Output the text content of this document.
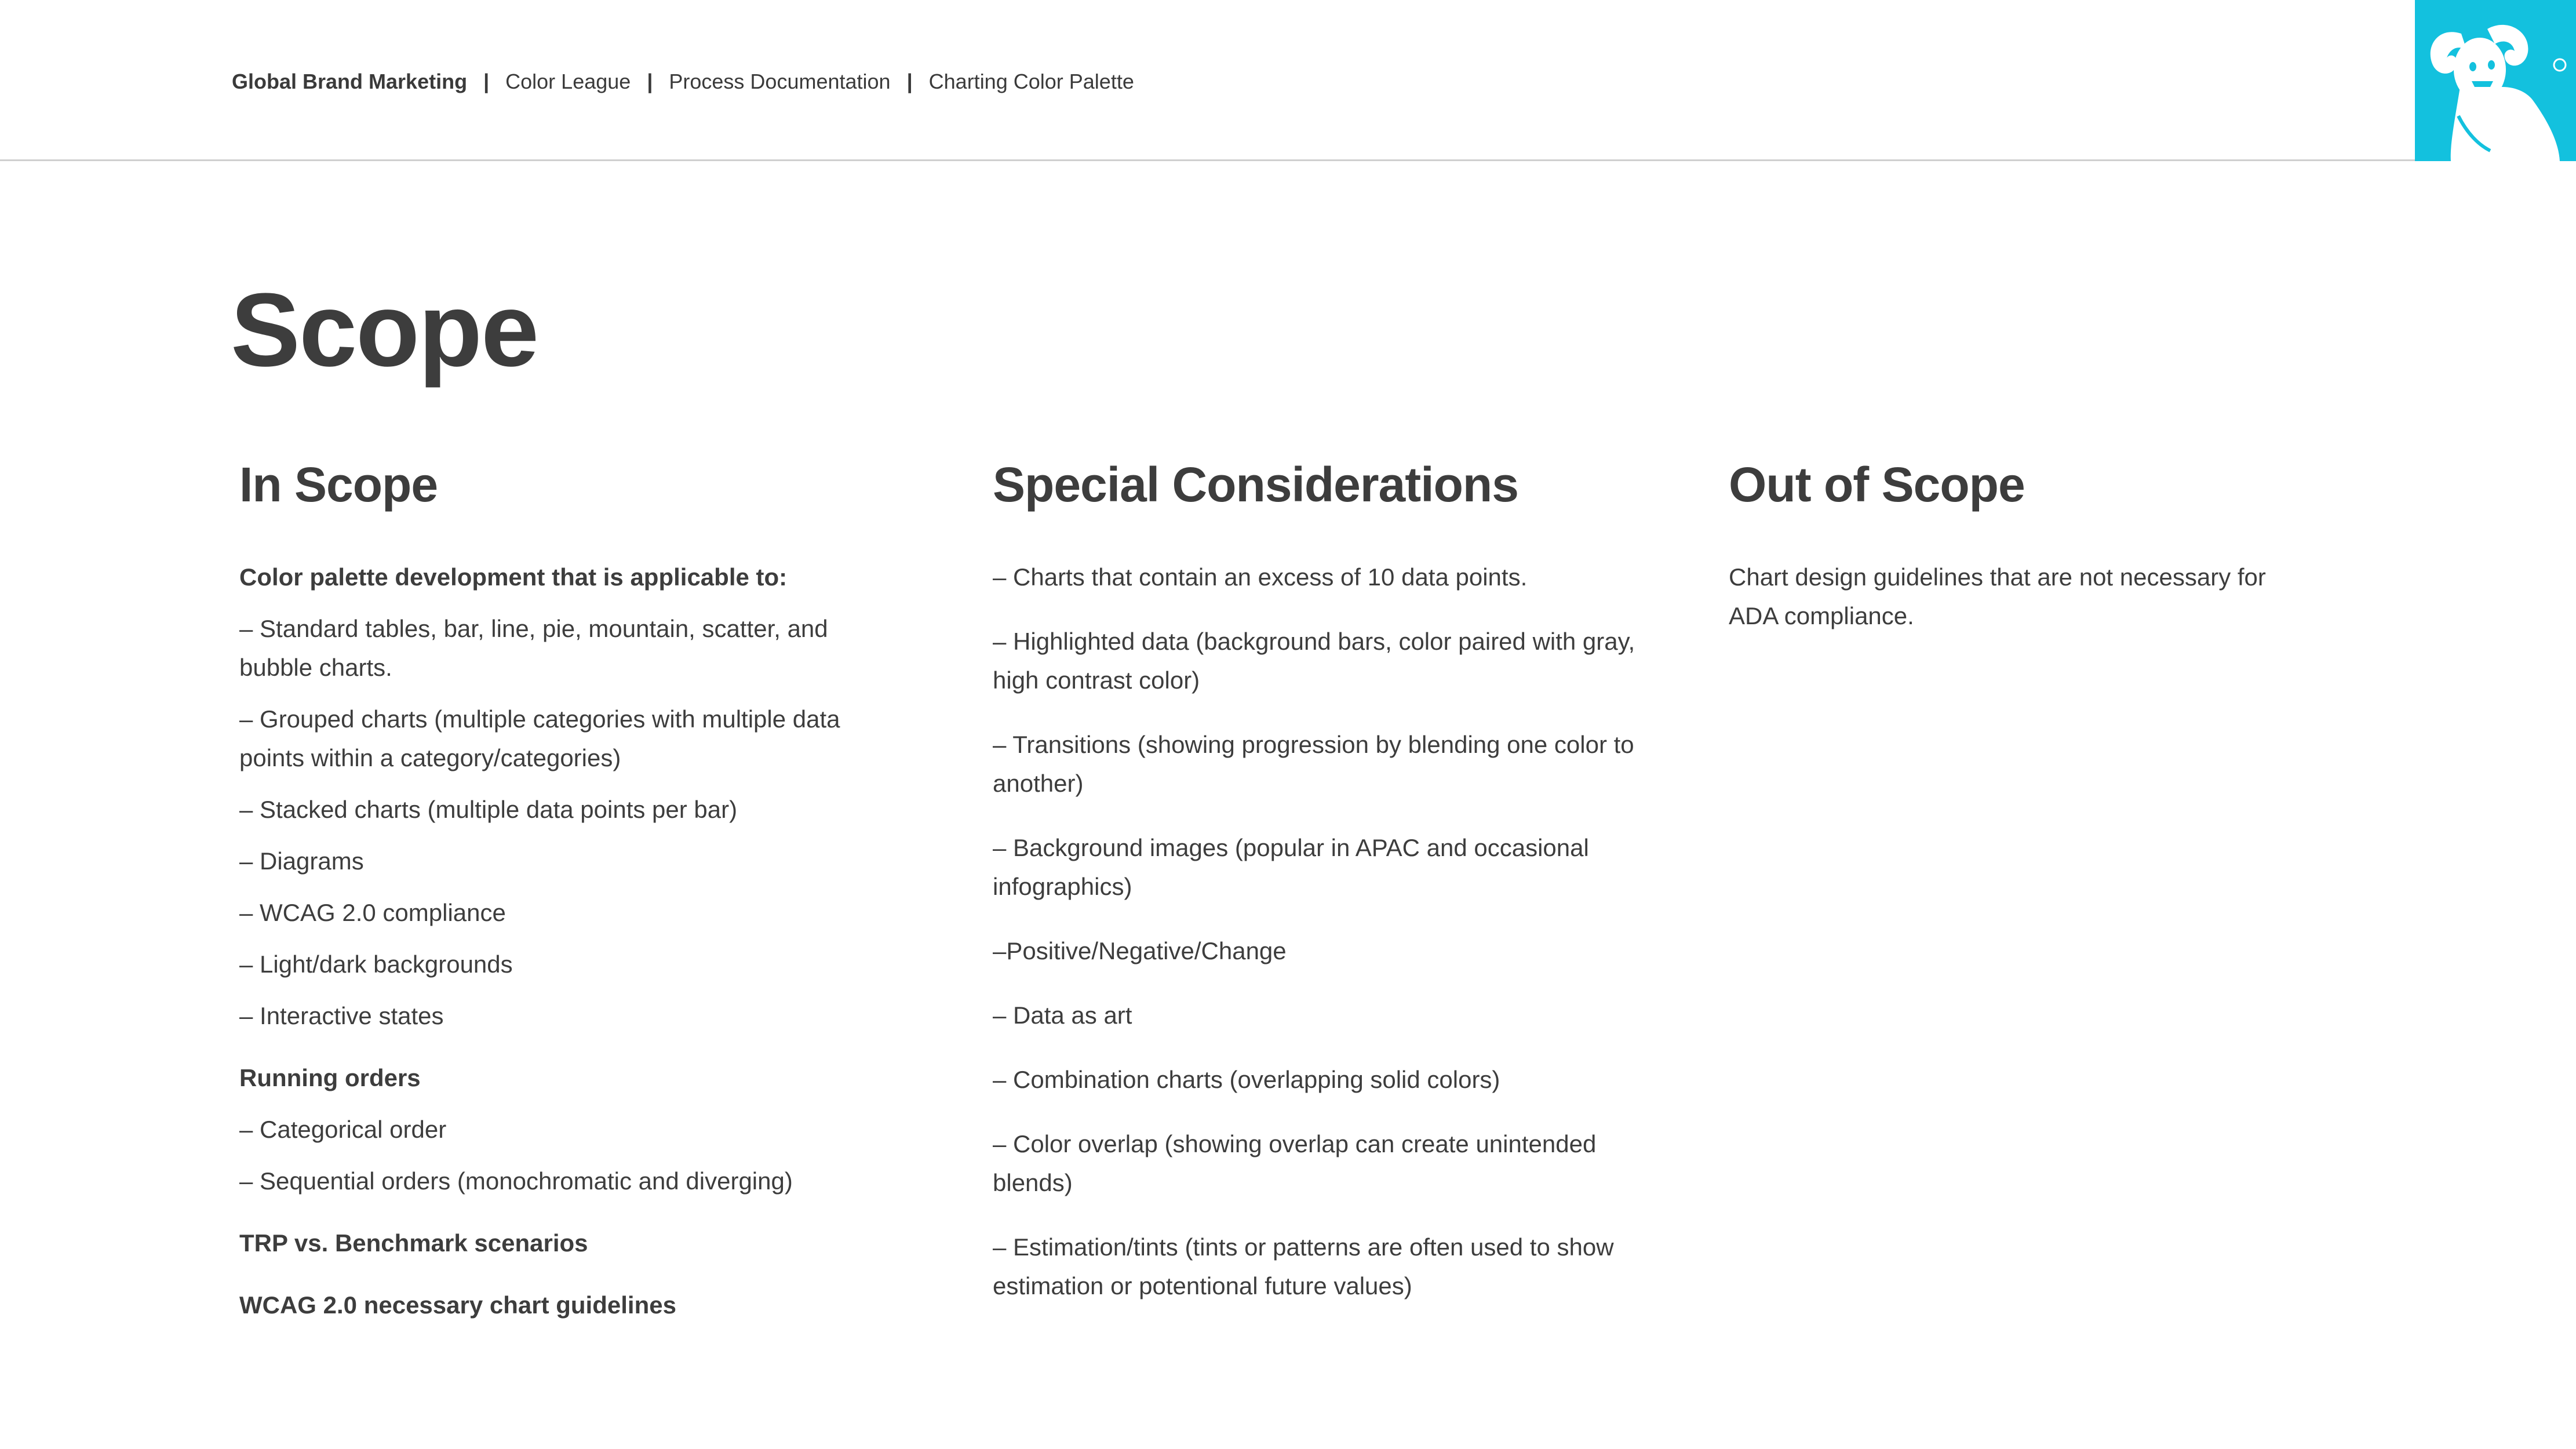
Global Brand Marketing | Color League | Process Documentation | Charting Color Palette
Scope
In Scope

Color palette development that is applicable to:

– Standard tables, bar, line, pie, mountain, scatter, and bubble charts.

– Grouped charts (multiple categories with multiple data points within a category/categories)

– Stacked charts (multiple data points per bar)

– Diagrams

– WCAG 2.0 compliance

– Light/dark backgrounds

– Interactive states

Running orders

– Categorical order

– Sequential orders (monochromatic and diverging)

TRP vs. Benchmark scenarios

WCAG 2.0 necessary chart guidelines

Special Considerations

– Charts that contain an excess of 10 data points.

– Highlighted data (background bars, color paired with gray, high contrast color)

– Transitions (showing progression by blending one color to another)

– Background images (popular in APAC and occasional infographics)

–Positive/Negative/Change

– Data as art

– Combination charts (overlapping solid colors)

– Color overlap (showing overlap can create unintended blends)

– Estimation/tints (tints or patterns are often used to show estimation or potentional future values)

Out of Scope

Chart design guidelines that are not necessary for ADA compliance.
